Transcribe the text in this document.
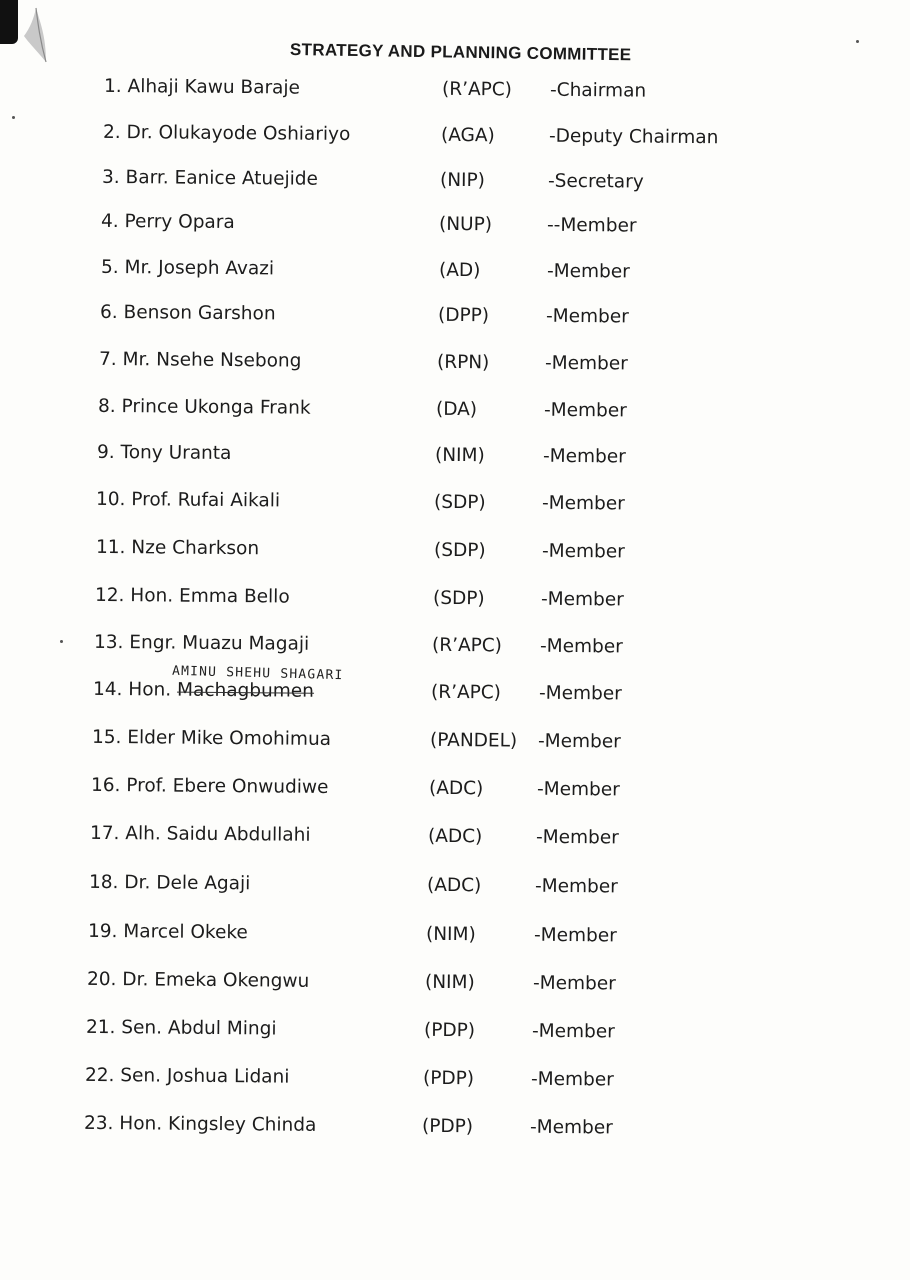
STRATEGY AND PLANNING COMMITTEE
1. Alhaji Kawu Baraje	(R’APC) -Chairman
2. Dr. Olukayode Oshiariyo	(AGA)	-Deputy Chairman
3. Barr. Eanice Atuejide	(NIP)	-Secretary
4. Perry Opara	(NUP)	--Member
5. Mr. Joseph Avazi	(AD)	-Member
6. Benson Garshon	(DPP)	-Member
7. Mr. Nsehe Nsebong	(RPN)	-Member
8. Prince Ukonga Frank	(DA)	-Member
9. Tony Uranta	(NIM)	-Member
10. Prof. Rufai Aikali	(SDP)	-Member
11. Nze Charkson	(SDP)	-Member
12. Hon. Emma Bello	(SDP)	-Member
13. Engr. Muazu Magaji	(R’APC) -Member
14. Hon. Machagbumen	(R’APC) -Member
15. Elder Mike Omohimua	(PANDEL) -Member
16. Prof. Ebere Onwudiwe	(ADC)	-Member
17. Alh. Saidu Abdullahi	(ADC)	-Member
18. Dr. Dele Agaji	(ADC)	-Member
19. Marcel Okeke	(NIM)	-Member
20. Dr. Emeka Okengwu	(NIM)	-Member
21. Sen. Abdul Mingi	(PDP)	-Member
22. Sen. Joshua Lidani	(PDP)	-Member
23. Hon. Kingsley Chinda	(PDP)	-Member
AMINU SHEHU SHAGARI
